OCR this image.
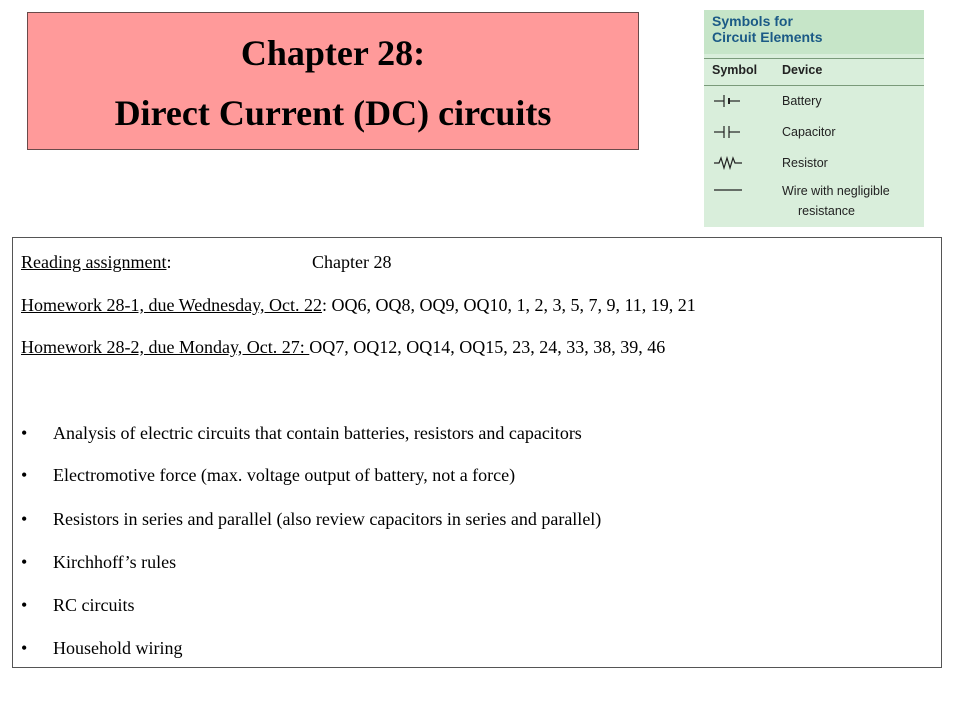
Chapter 28:
Direct Current (DC) circuits
Symbols for
Circuit Elements
Symbol Device
Battery
Capacitor
Resistor
Wire with negligible
resistance
Reading assignment:	Chapter 28
Homework 28-1, due Wednesday, Oct. 22: OQ6, OQ8, OQ9, OQ10, 1, 2, 3, 5, 7, 9, 11, 19, 21
Homework 28-2, due Monday, Oct. 27: OQ7, OQ12, OQ14, OQ15, 23, 24, 33, 38, 39, 46
• Analysis of electric circuits that contain batteries, resistors and capacitors
• Electromotive force (max. voltage output of battery, not a force)
• Resistors in series and parallel (also review capacitors in series and parallel)
• Kirchhoff’s rules
• RC circuits
• Household wiring
